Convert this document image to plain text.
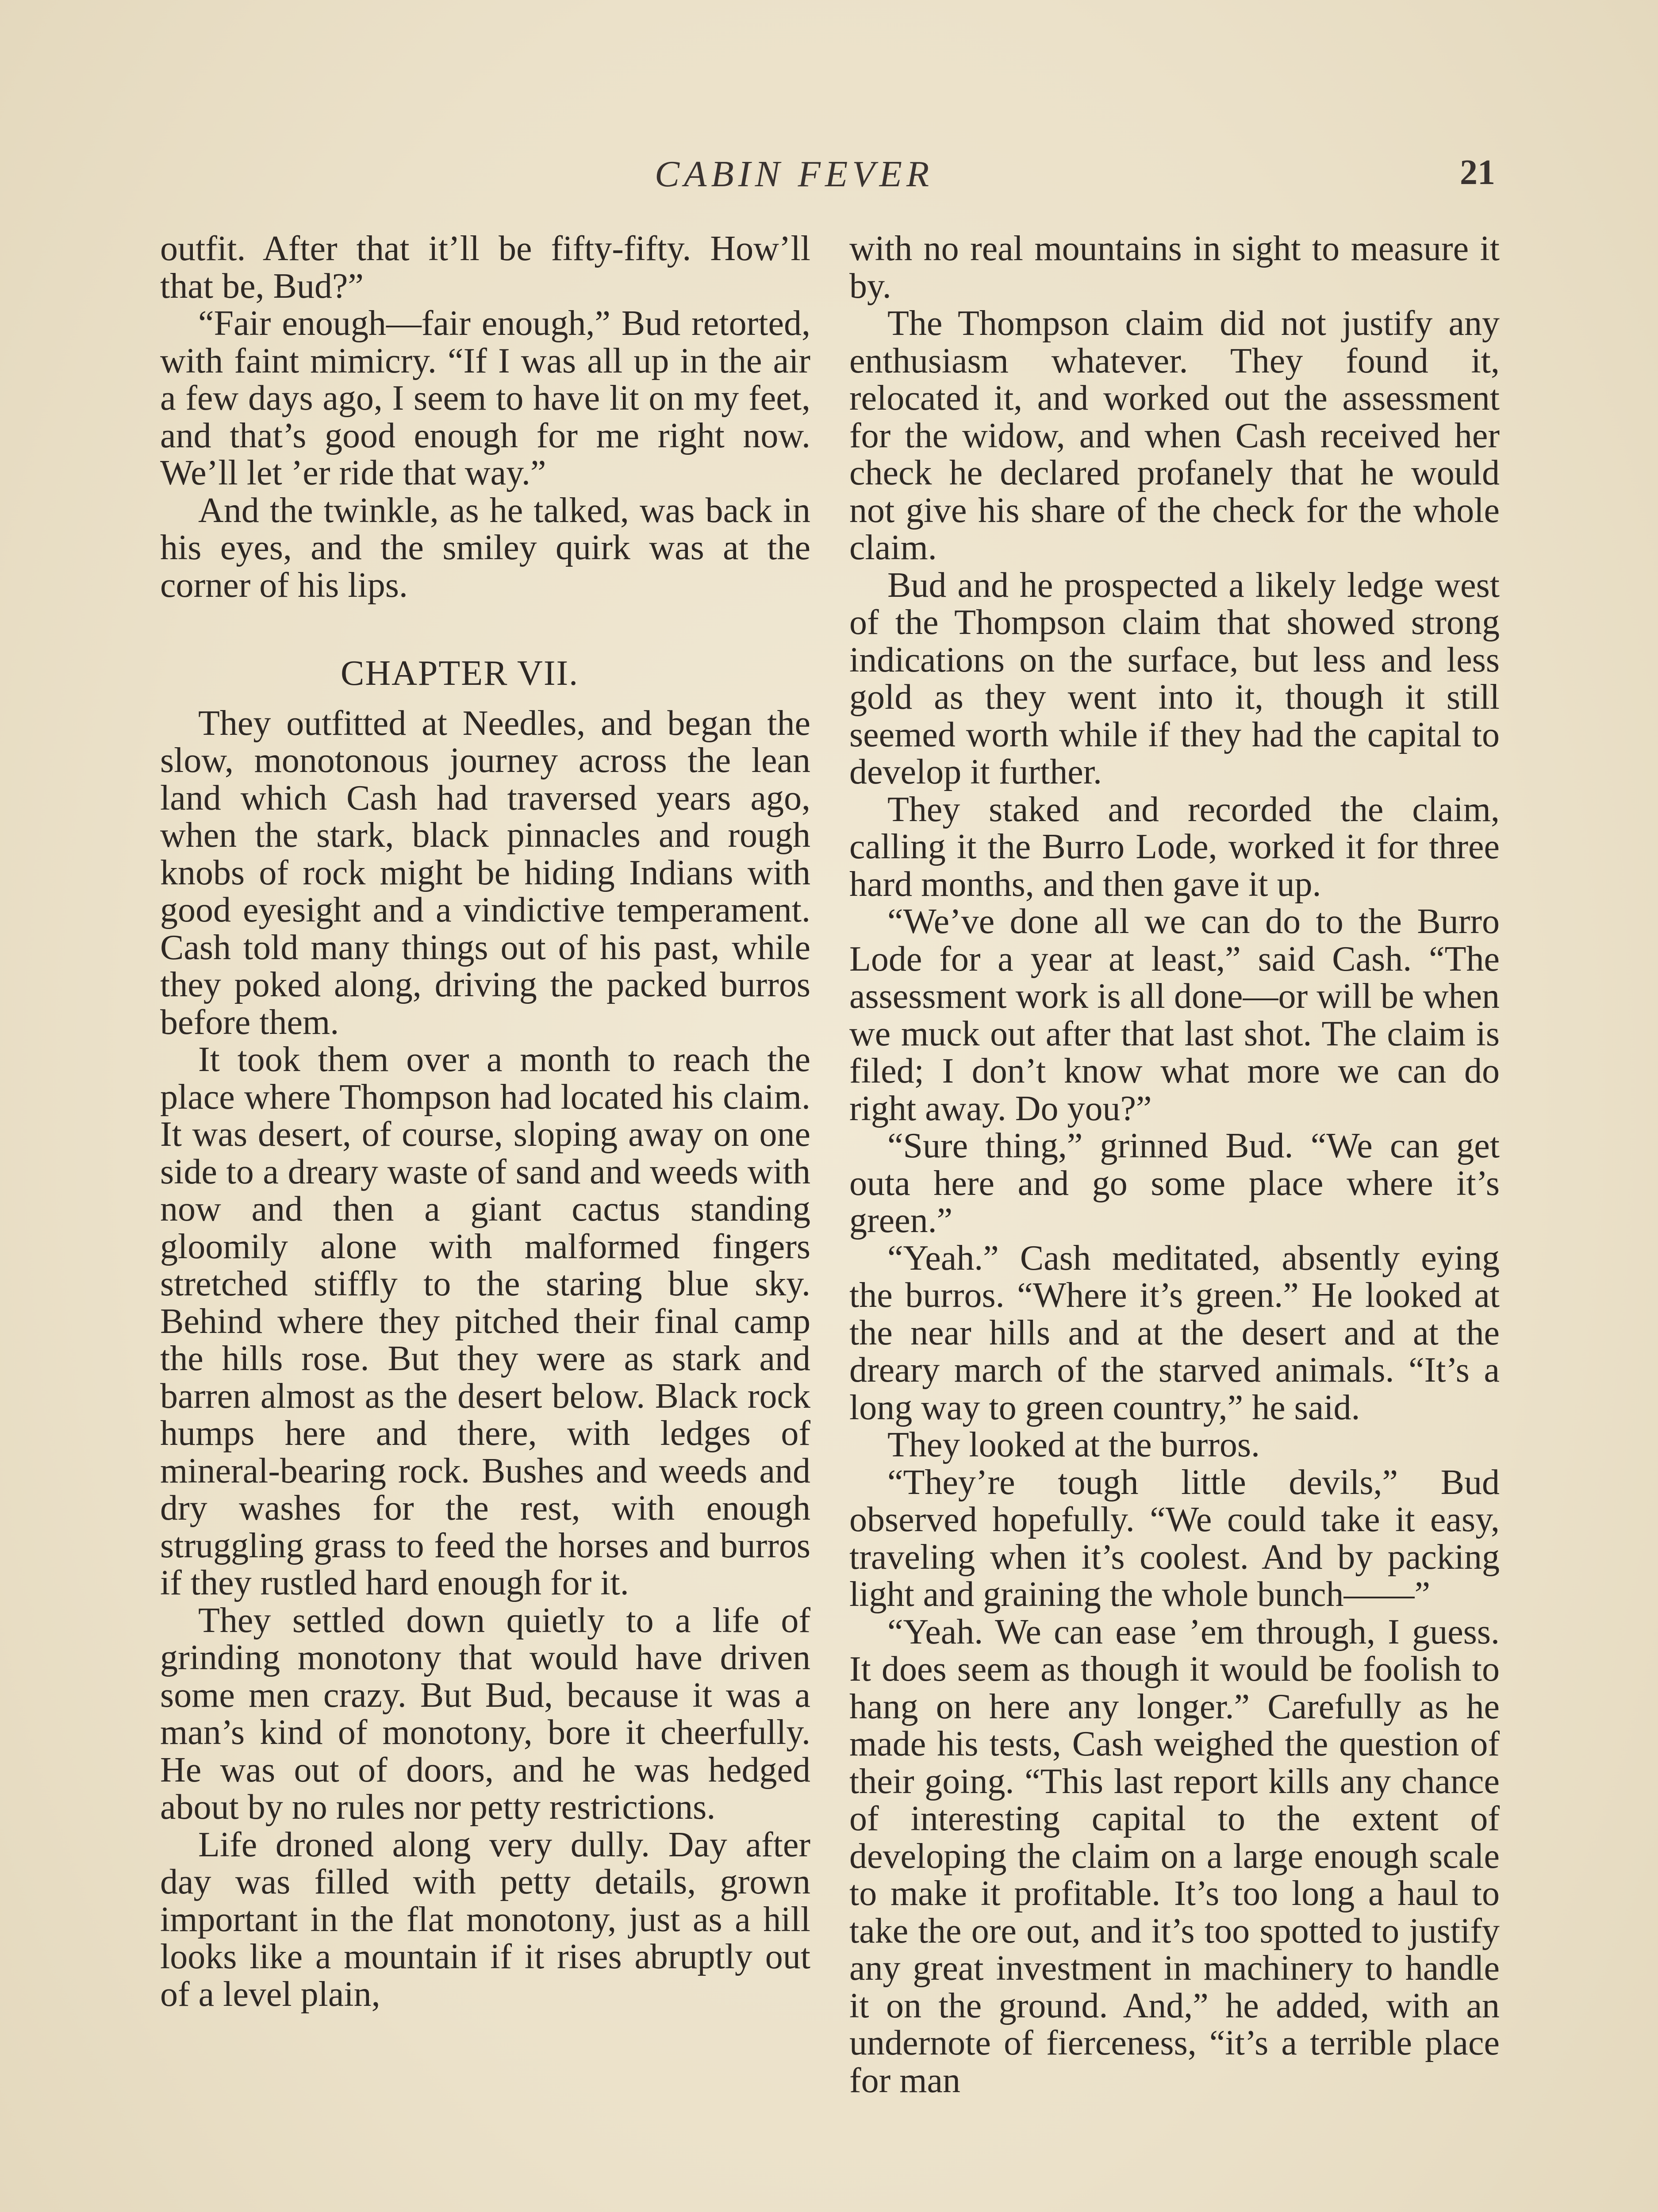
CABIN FEVER	21

outfit. After that it’ll be fifty-fifty. How’ll that be, Bud?”

“Fair enough—fair enough,” Bud retorted, with faint mimicry. “If I was all up in the air a few days ago, I seem to have lit on my feet, and that’s good enough for me right now. We’ll let ’er ride that way.”

And the twinkle, as he talked, was back in his eyes, and the smiley quirk was at the corner of his lips.

CHAPTER VII.

They outfitted at Needles, and began the slow, monotonous journey across the lean land which Cash had traversed years ago, when the stark, black pinnacles and rough knobs of rock might be hiding Indians with good eyesight and a vindictive temperament. Cash told many things out of his past, while they poked along, driving the packed burros before them.

It took them over a month to reach the place where Thompson had located his claim. It was desert, of course, sloping away on one side to a dreary waste of sand and weeds with now and then a giant cactus standing gloomily alone with malformed fingers stretched stiffly to the staring blue sky. Behind where they pitched their final camp the hills rose. But they were as stark and barren almost as the desert below. Black rock humps here and there, with ledges of mineral-bearing rock. Bushes and weeds and dry washes for the rest, with enough struggling grass to feed the horses and burros if they rustled hard enough for it.

They settled down quietly to a life of grinding monotony that would have driven some men crazy. But Bud, because it was a man’s kind of monotony, bore it cheerfully. He was out of doors, and he was hedged about by no rules nor petty restrictions.

Life droned along very dully. Day after day was filled with petty details, grown important in the flat monotony, just as a hill looks like a mountain if it rises abruptly out of a level plain,

with no real mountains in sight to measure it by.

The Thompson claim did not justify any enthusiasm whatever. They found it, relocated it, and worked out the assessment for the widow, and when Cash received her check he declared profanely that he would not give his share of the check for the whole claim.

Bud and he prospected a likely ledge west of the Thompson claim that showed strong indications on the surface, but less and less gold as they went into it, though it still seemed worth while if they had the capital to develop it further.

They staked and recorded the claim, calling it the Burro Lode, worked it for three hard months, and then gave it up.

“We’ve done all we can do to the Burro Lode for a year at least,” said Cash. “The assessment work is all done—or will be when we muck out after that last shot. The claim is filed; I don’t know what more we can do right away. Do you?”

“Sure thing,” grinned Bud. “We can get outa here and go some place where it’s green.”

“Yeah.” Cash meditated, absently eying the burros. “Where it’s green.” He looked at the near hills and at the desert and at the dreary march of the starved animals. “It’s a long way to green country,” he said.

They looked at the burros.

“They’re tough little devils,” Bud observed hopefully. “We could take it easy, traveling when it’s coolest. And by packing light and graining the whole bunch——”

“Yeah. We can ease ’em through, I guess. It does seem as though it would be foolish to hang on here any longer.” Carefully as he made his tests, Cash weighed the question of their going. “This last report kills any chance of interesting capital to the extent of developing the claim on a large enough scale to make it profitable. It’s too long a haul to take the ore out, and it’s too spotted to justify any great investment in machinery to handle it on the ground. And,” he added, with an undernote of fierceness, “it’s a terrible place for man
